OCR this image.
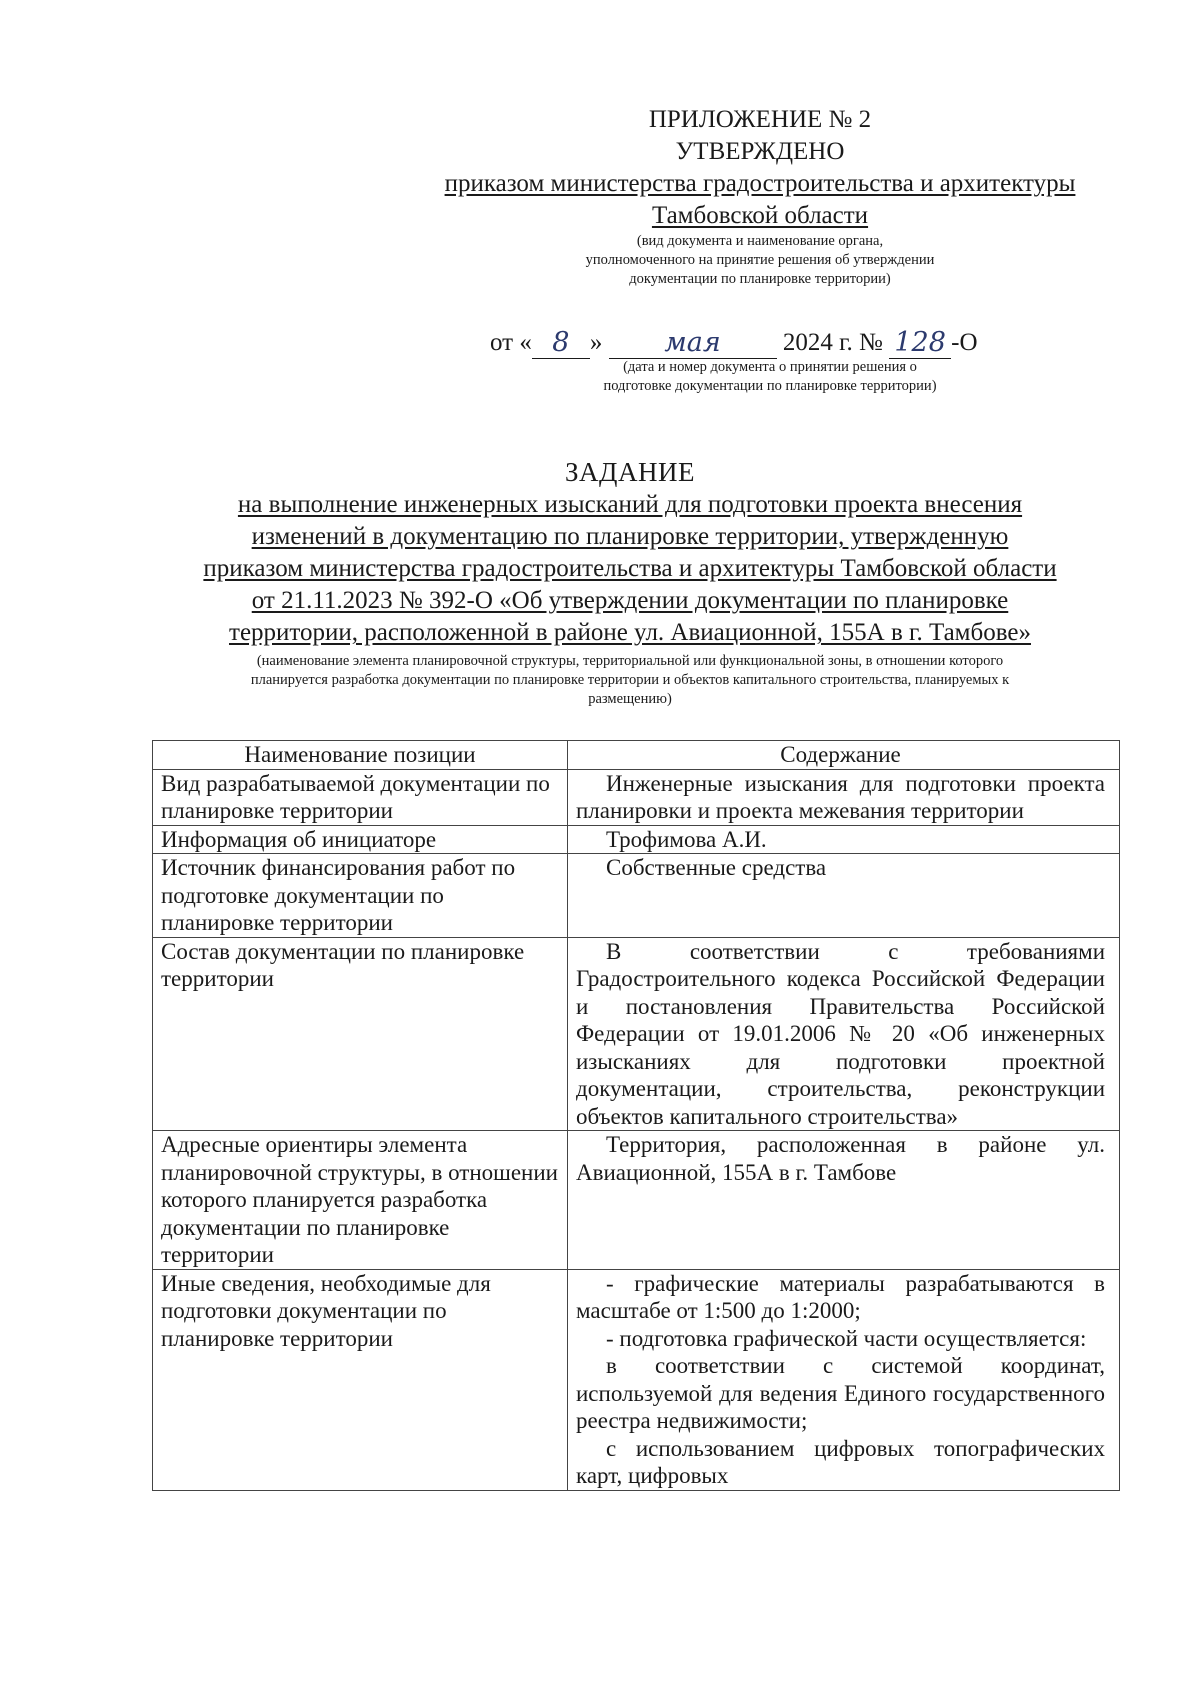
ПРИЛОЖЕНИЕ № 2
УТВЕРЖДЕНО
приказом министерства градостроительства и архитектуры
Тамбовской области
(вид документа и наименование органа,
уполномоченного на принятие решения об утверждении
документации по планировке территории)
от « 8 » мая 2024 г. № 128 -О
(дата и номер документа о принятии решения о
подготовке документации по планировке территории)
ЗАДАНИЕ
на выполнение инженерных изысканий для подготовки проекта внесения
изменений в документацию по планировке территории, утвержденную
приказом министерства градостроительства и архитектуры Тамбовской области
от 21.11.2023 № 392-О «Об утверждении документации по планировке
территории, расположенной в районе ул. Авиационной, 155А в г. Тамбове»
(наименование элемента планировочной структуры, территориальной или функциональной зоны, в отношении которого
планируется разработка документации по планировке территории и объектов капитального строительства, планируемых к
размещению)
Наименование позиции	Содержание
Вид разрабатываемой документации по планировке территории	Инженерные изыскания для подготовки проекта планировки и проекта межевания территории

Информация об инициаторе	Трофимова А.И.

Источник финансирования работ по подготовке документации по планировке территории	Собственные средства

Состав документации по планировке территории	В соответствии с требованиями Градостроительного кодекса Российской Федерации и постановления Правительства Российской Федерации от 19.01.2006 № 20 «Об инженерных изысканиях для подготовки проектной документации, строительства, реконструкции объектов капитального строительства»

Адресные ориентиры элемента планировочной структуры, в отношении которого планируется разработка документации по планировке территории	Территория, расположенная в районе ул. Авиационной, 155А в г. Тамбове

Иные сведения, необходимые для подготовки документации по планировке территории	- графические материалы разрабатываются в масштабе от 1:500 до 1:2000;
- подготовка графической части осуществляется:
в соответствии с системой координат, используемой для ведения Единого государственного реестра недвижимости;
с использованием цифровых топографических карт, цифровых
